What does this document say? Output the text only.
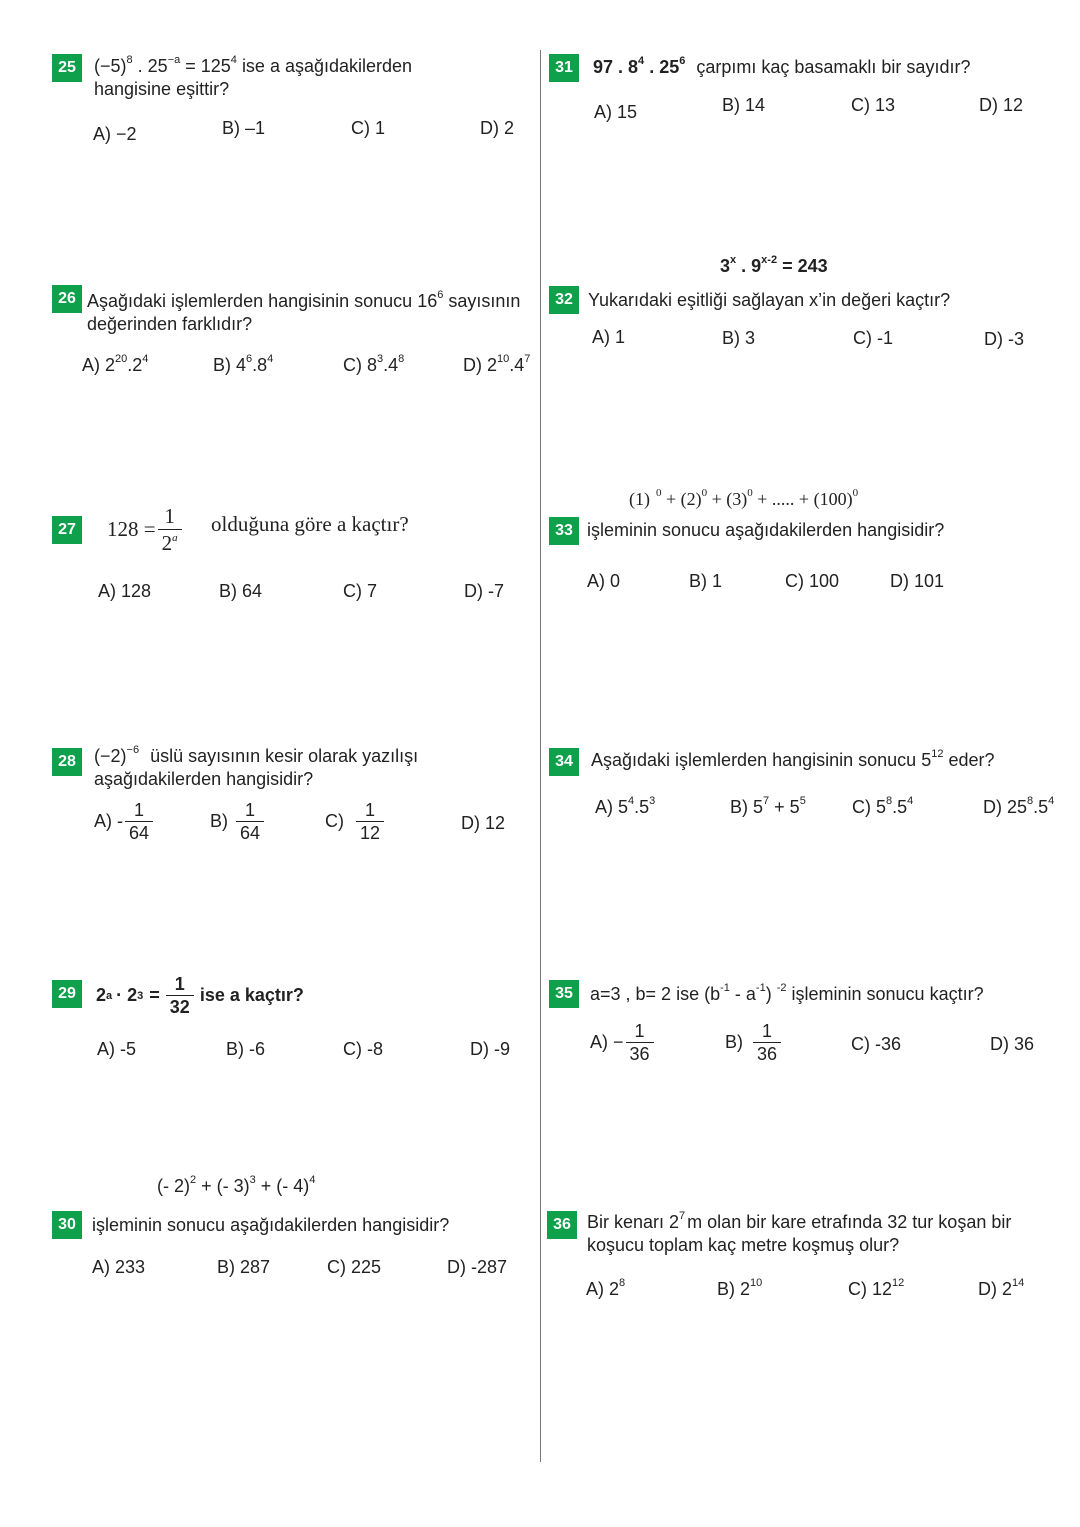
25	$(-5)^8$ . $25^{-a} = 125^4$ ise a aşağıdakilerden
hangisine eşittir?
A) −2	B) –1	C) 1	D) 2
26 Aşağıdaki işlemlerden hangisinin sonucu $16^6$ sayısının
değerinden farklıdır?
A) $2^{20}.2^4$	B) $4^6.8^4$	C) $8^3.4^8$	D) $2^{10}.4^7$
27 $128 = \frac{1}{2^a}$ olduğuna göre a kaçtır?
A) 128	B) 64	C) 7	D) -7
28	$(-2)^{-6}$ üslü sayısının kesir olarak yazılışı
aşağıdakilerden hangisidir?
$A) - \frac{1}{64}$	$B) \frac{1}{64}$	$C) \frac{1}{12}$	D) 12
29	2 a · 2 $3 = \frac{1}{32}$ ise a kaçtır?
A) -5	B) -6	C) -8	D) -9
(- 2)$^2$ + (- 3)$^3$ + (- 4)$^4$
30 işleminin sonucu aşağıdakilerden hangisidir?
A) 233	B) 287	C) 225	D) -287
31	97 . $8^4$ . $25^6$ çarpımı kaç basamaklı bir sayıdır?
A) 15	B) 14	C) 13	D) 12
3$^x$ . $9^{x-2} = 243$
32 Yukarıdaki eşitliği sağlayan x’in değeri kaçtır?
A) 1	B) 3	C) -1	D) -3
(1) $^0 + (2)^0 + (3)^0$ + ..... + $(100)^0$
33 işleminin sonucu aşağıdakilerden hangisidir?
A) 0	B) 1	C) 100	D) 101
34	Aşağıdaki işlemlerden hangisinin sonucu $5^{12}$ eder?
A) $5^4.5^3$	B) $5^7 + 5^5$	C) $5^8.5^4$	D) $25^8.5^4$
35 a=3 , b= 2 ise $(b^{-1} - a^{-1})$ $^{-2}$ işleminin sonucu kaçtır?
$A) - \frac{1}{36}$	$B) \frac{1}{36}$	C) -36	D) 36
36 Bir kenarı $2^7$ m olan bir kare etrafında 32 tur koşan bir
koşucu toplam kaç metre koşmuş olur?
A) $2^8$	B) $2^{10}$	C) $12^{12}$	D) $2^{14}$
